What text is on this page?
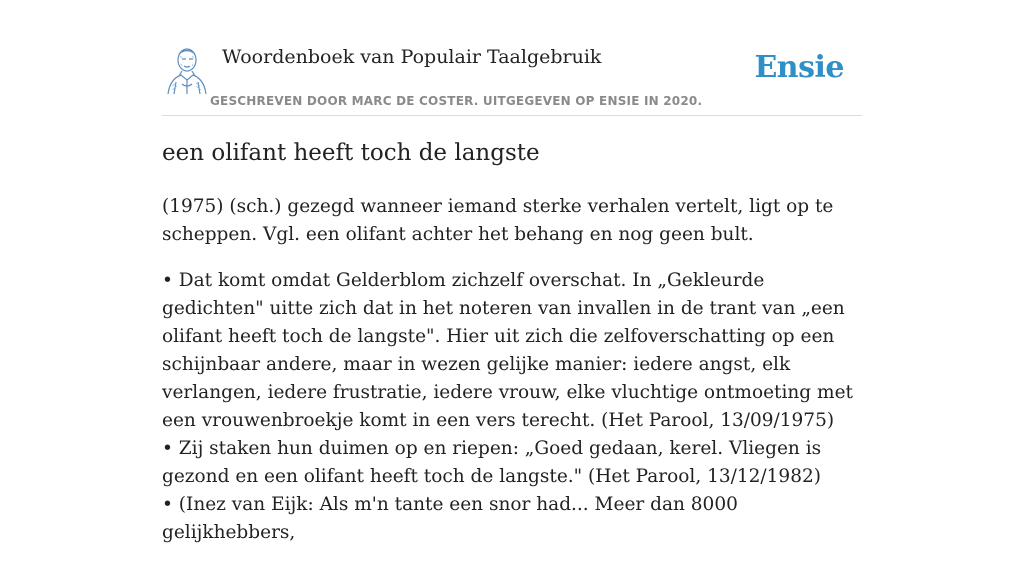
Woordenboek van Populair Taalgebruik
GESCHREVEN DOOR MARC DE COSTER. UITGEGEVEN OP ENSIE IN 2020.
Ensie
een olifant heeft toch de langste

(1975) (sch.) gezegd wanneer iemand sterke verhalen vertelt, ligt op te scheppen. Vgl. een olifant achter het behang en nog geen bult.

• Dat komt omdat Gelderblom zichzelf overschat. In „Gekleurde gedichten" uitte zich dat in het noteren van invallen in de trant van „een olifant heeft toch de langste". Hier uit zich die zelfoverschatting op een schijnbaar andere, maar in wezen gelijke manier: iedere angst, elk verlangen, iedere frustratie, iedere vrouw, elke vluchtige ontmoeting met een vrouwenbroekje komt in een vers terecht. (Het Parool, 13/09/1975)
• Zij staken hun duimen op en riepen: „Goed gedaan, kerel. Vliegen is gezond en een olifant heeft toch de langste." (Het Parool, 13/12/1982)
• (Inez van Eijk: Als m'n tante een snor had... Meer dan 8000 gelijkhebbers,
